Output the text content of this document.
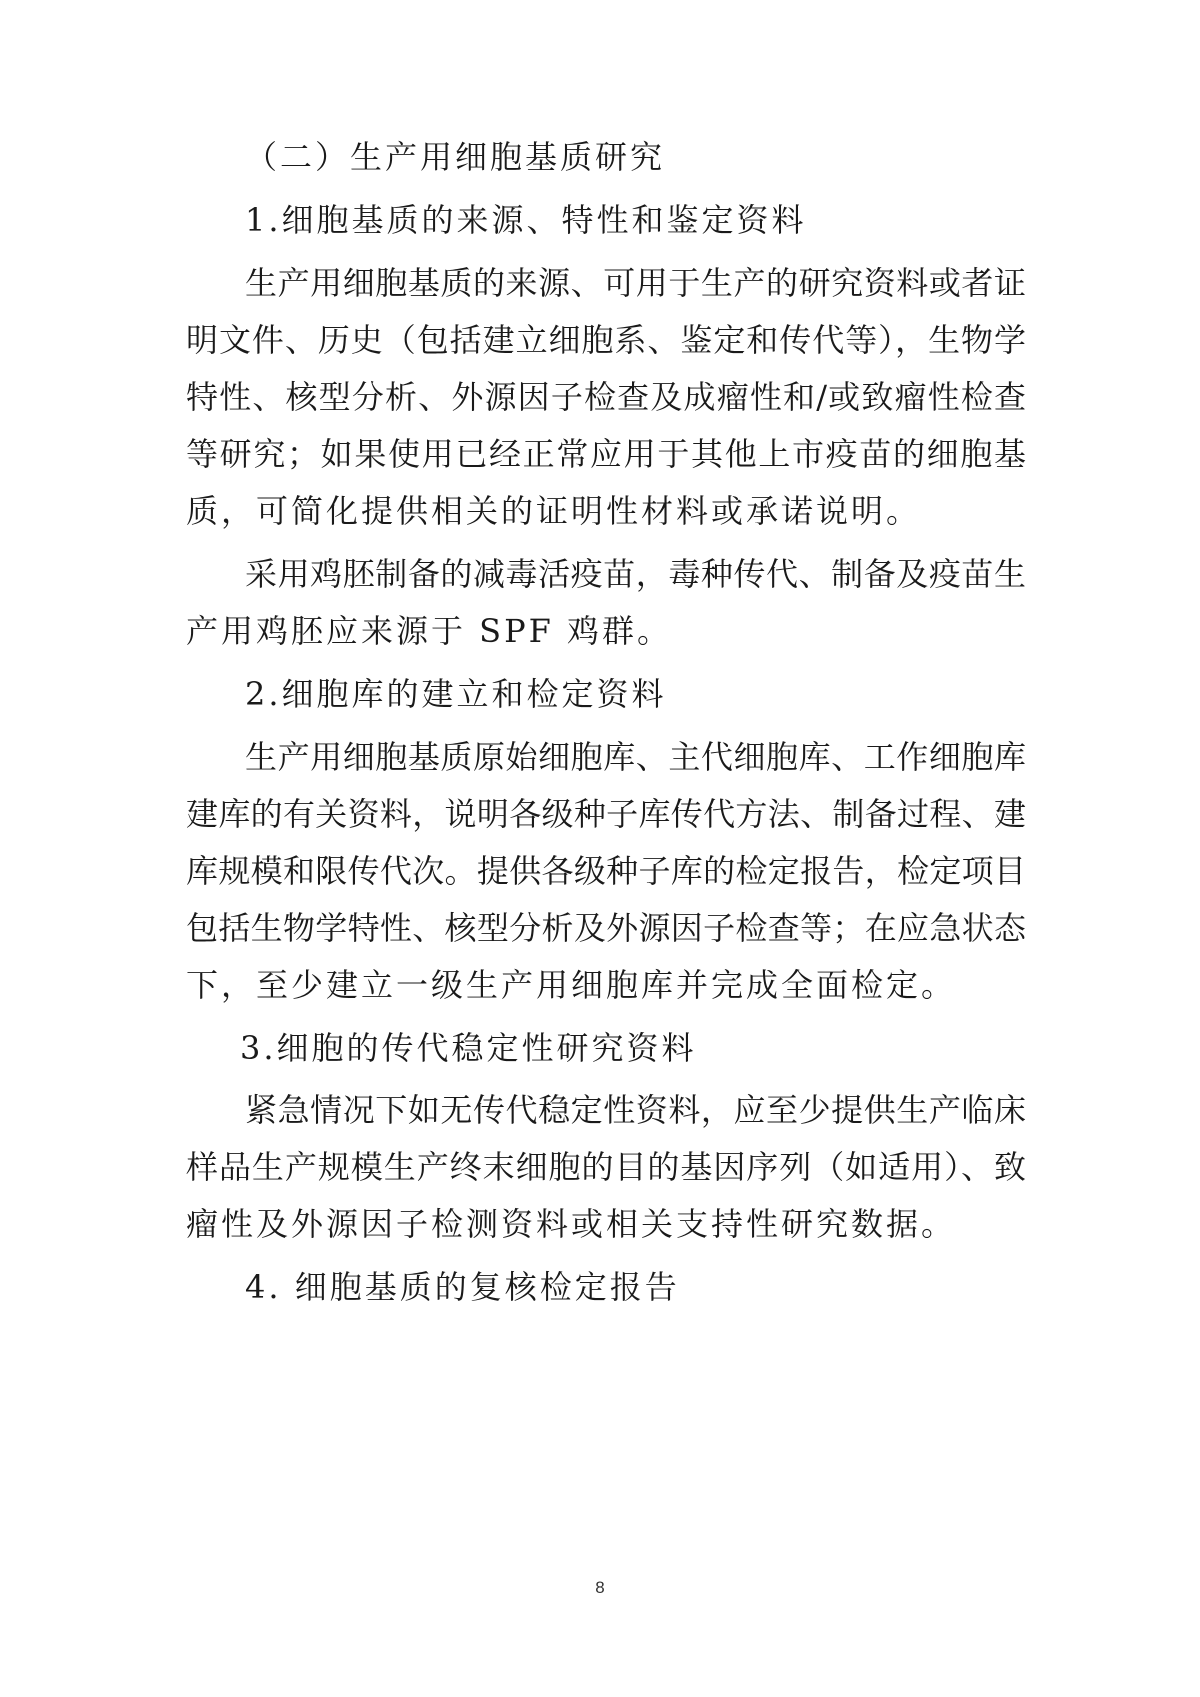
（二）生产用细胞基质研究
1.细胞基质的来源、特性和鉴定资料
生产用细胞基质的来源、可用于生产的研究资料或者证
明文件、历史（包括建立细胞系、鉴定和传代等），生物学
特性、核型分析、外源因子检查及成瘤性和/或致瘤性检查
等研究；如果使用已经正常应用于其他上市疫苗的细胞基
质，可简化提供相关的证明性材料或承诺说明。
采用鸡胚制备的减毒活疫苗，毒种传代、制备及疫苗生
产用鸡胚应来源于 SPF 鸡群。
2.细胞库的建立和检定资料
生产用细胞基质原始细胞库、主代细胞库、工作细胞库
建库的有关资料，说明各级种子库传代方法、制备过程、建
库规模和限传代次。提供各级种子库的检定报告，检定项目
包括生物学特性、核型分析及外源因子检查等；在应急状态
下，至少建立一级生产用细胞库并完成全面检定。
3.细胞的传代稳定性研究资料
紧急情况下如无传代稳定性资料，应至少提供生产临床
样品生产规模生产终末细胞的目的基因序列（如适用）、致
瘤性及外源因子检测资料或相关支持性研究数据。
4. 细胞基质的复核检定报告
8
